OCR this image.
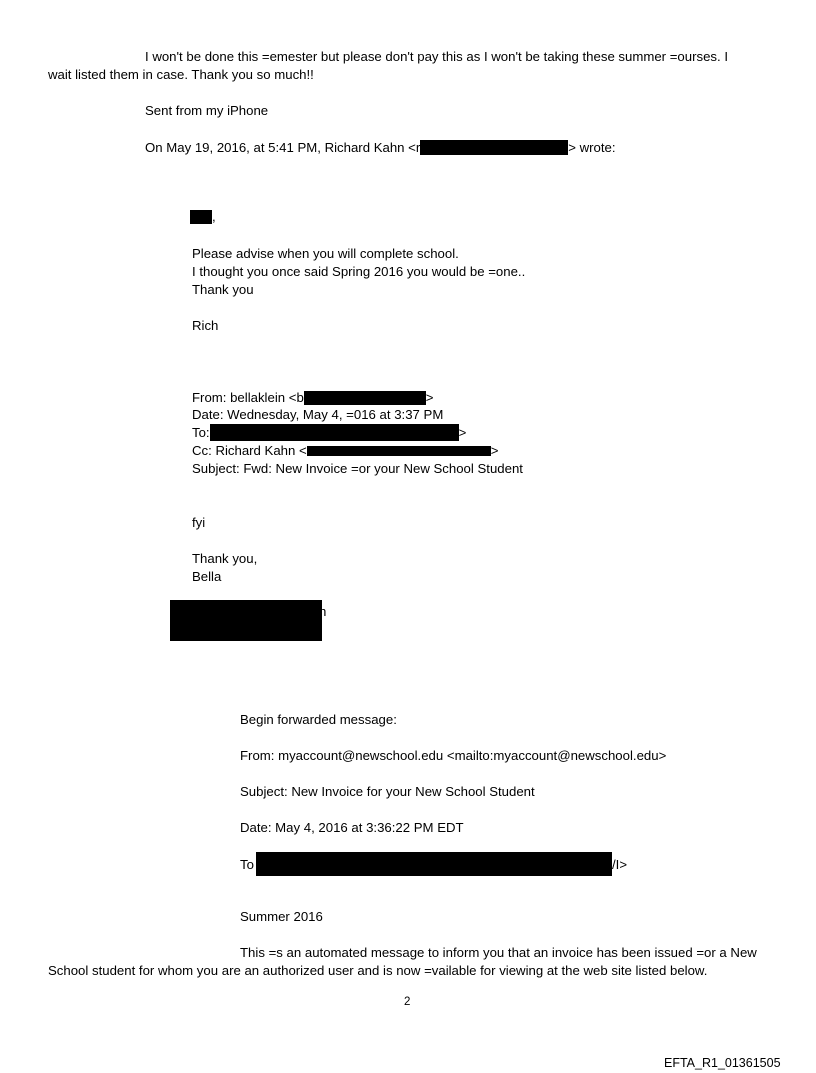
I won't be done this =emester but please don't pay this as I won't be taking these summer =ourses. I
wait listed them in case. Thank you so much!!
Sent from my iPhone
On May 19, 2016, at 5:41 PM, Richard Kahn <r	> wrote:
,
Please advise when you will complete school.
I thought you once said Spring 2016 you would be =one..
Thank you
Rich
From: bellaklein <b	>
Date: Wednesday, May 4, =016 at 3:37 PM
To:	>
Cc: Richard Kahn <	>
Subject: Fwd: New Invoice =or your New School Student
fyi
Thank you,
Bella
h
Begin forwarded message:
From: myaccount@newschool.edu <mailto:myaccount@newschool.edu>
Subject: New Invoice for your New School Student
Date: May 4, 2016 at 3:36:22 PM EDT
To	/I>
Summer 2016
This =s an automated message to inform you that an invoice has been issued =or a New
School student for whom you are an authorized user and is now =vailable for viewing at the web site listed below.
2
EFTA_R1_01361505
